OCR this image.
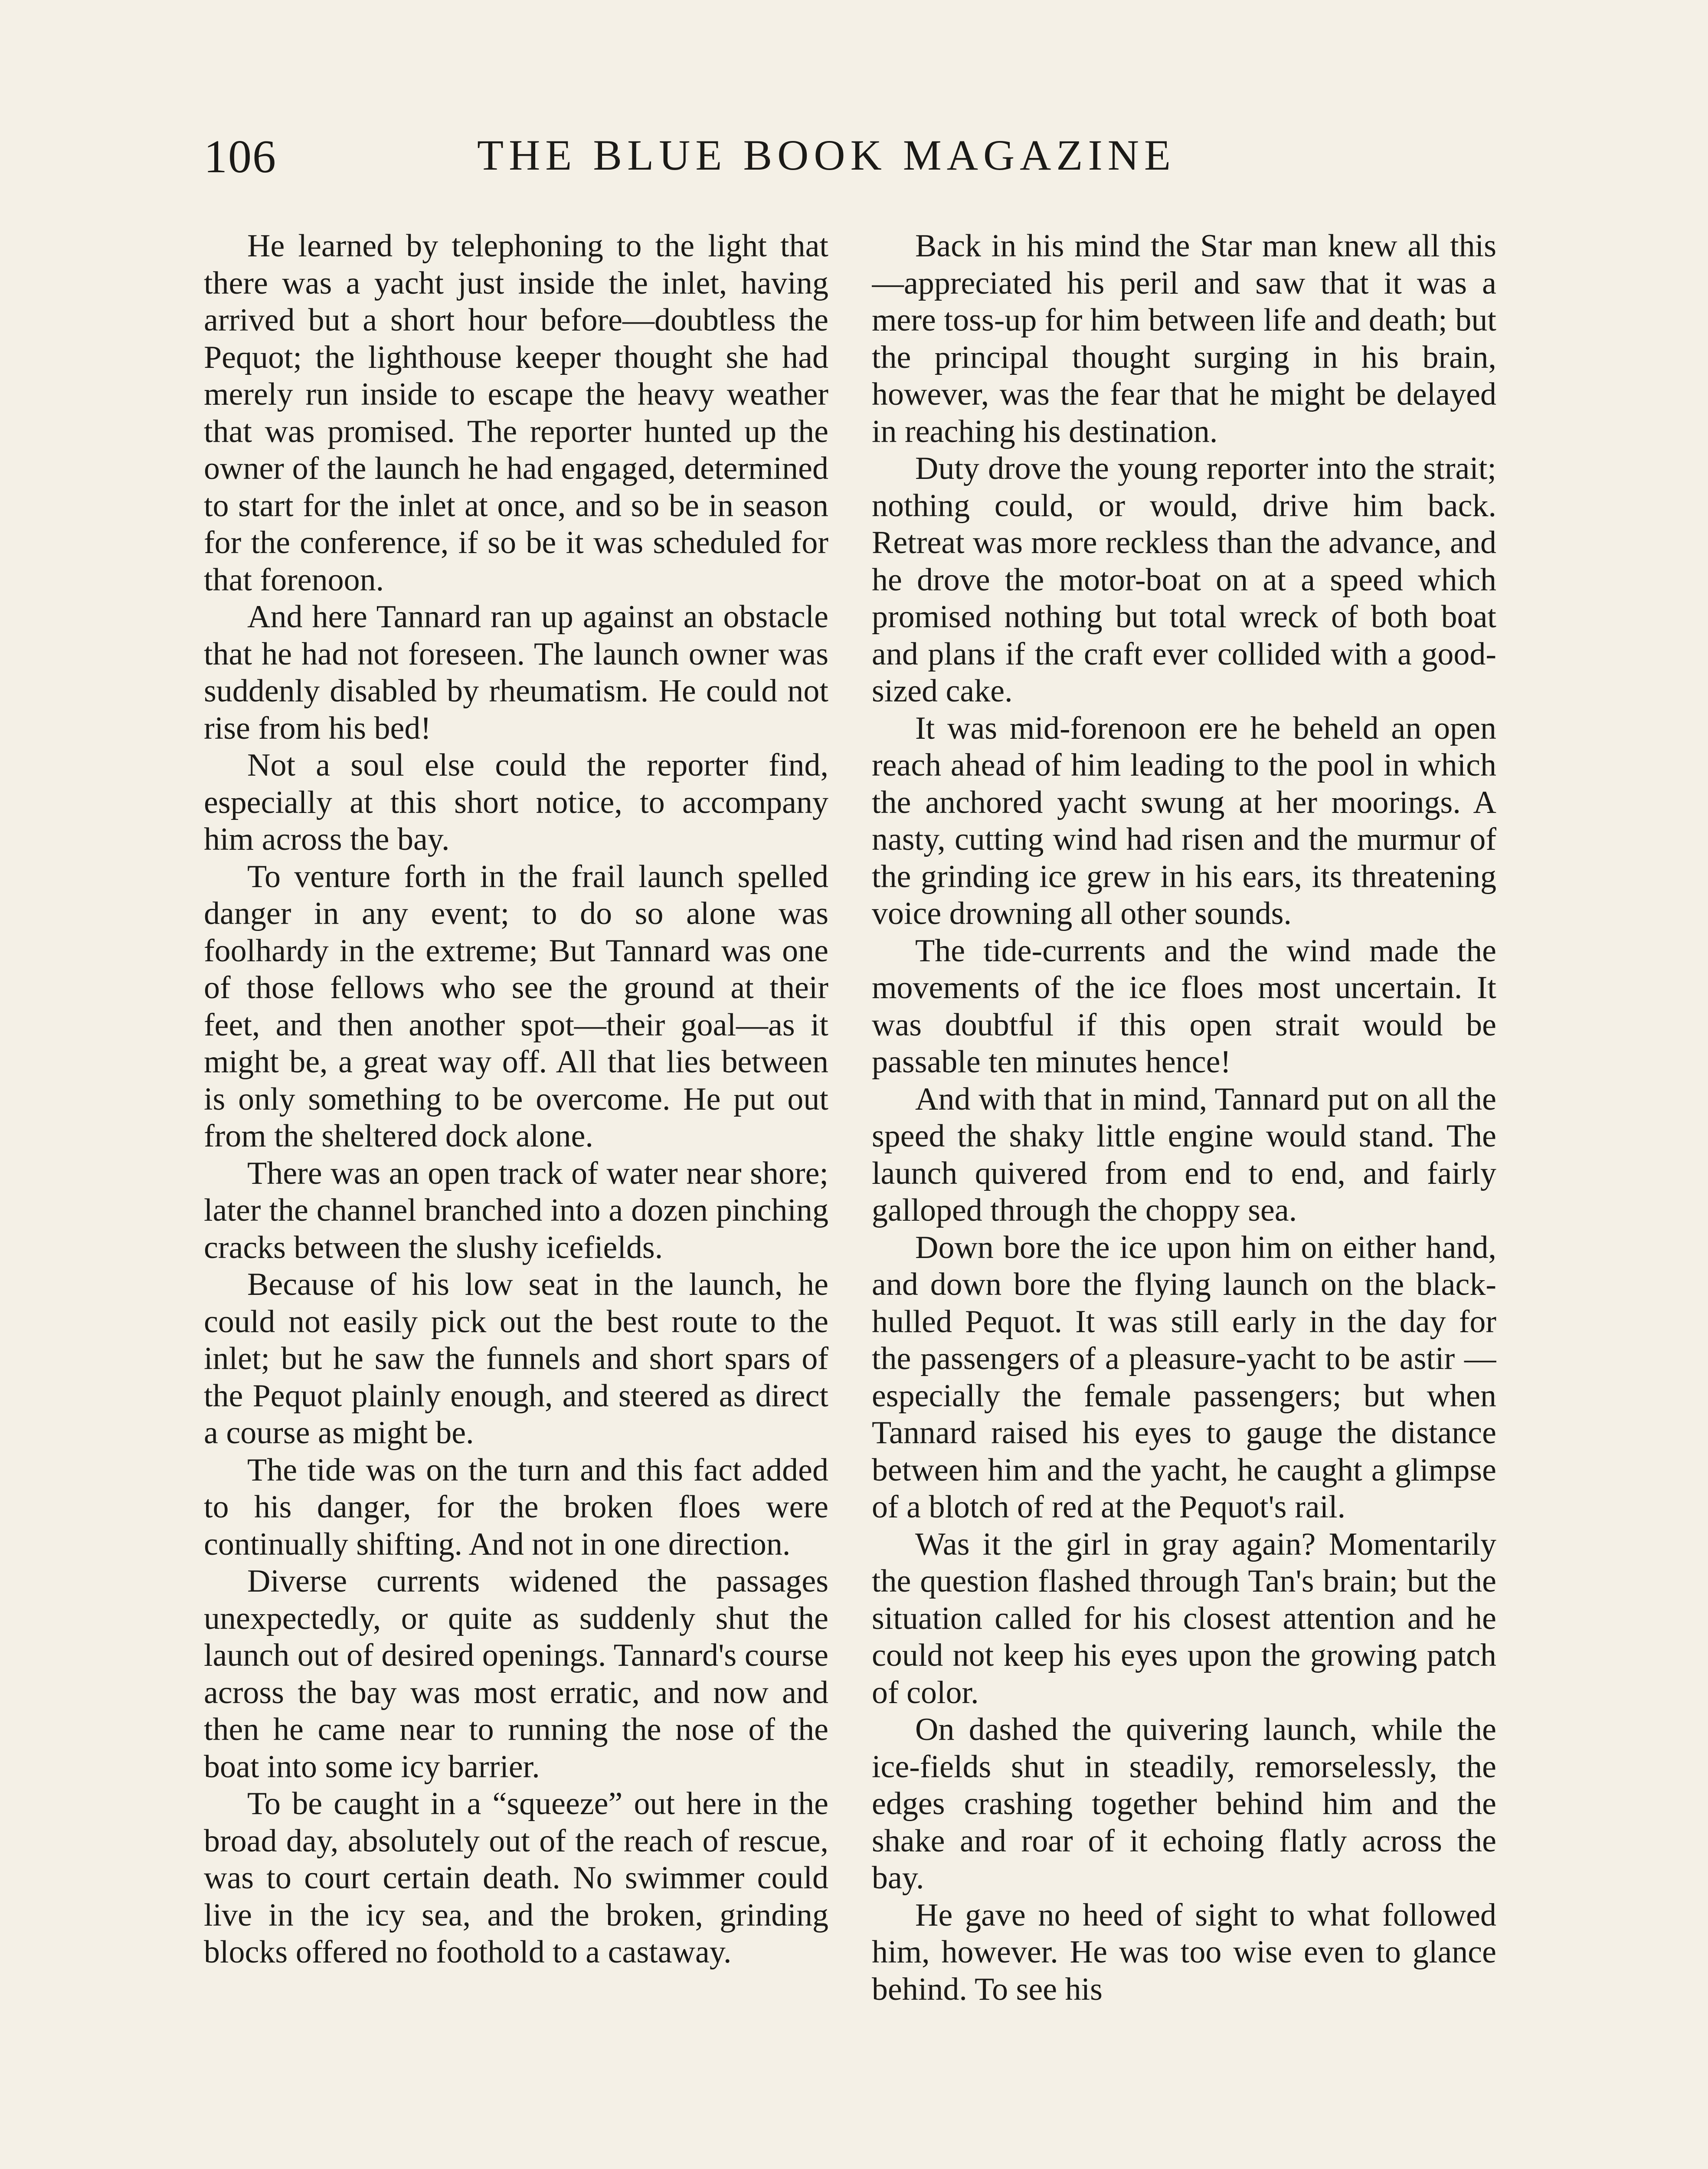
106	THE BLUE BOOK MAGAZINE

He learned by telephoning to the light that there was a yacht just inside the inlet, having arrived but a short hour before—doubtless the Pequot; the lighthouse keeper thought she had merely run inside to escape the heavy weather that was promised. The reporter hunted up the owner of the launch he had engaged, determined to start for the inlet at once, and so be in season for the conference, if so be it was scheduled for that forenoon.

And here Tannard ran up against an obstacle that he had not foreseen. The launch owner was suddenly disabled by rheumatism. He could not rise from his bed!

Not a soul else could the reporter find, especially at this short notice, to accompany him across the bay.

To venture forth in the frail launch spelled danger in any event; to do so alone was foolhardy in the extreme; But Tannard was one of those fellows who see the ground at their feet, and then another spot—their goal—as it might be, a great way off. All that lies between is only something to be overcome. He put out from the sheltered dock alone.

There was an open track of water near shore; later the channel branched into a dozen pinching cracks between the slushy icefields.

Because of his low seat in the launch, he could not easily pick out the best route to the inlet; but he saw the funnels and short spars of the Pequot plainly enough, and steered as direct a course as might be.

The tide was on the turn and this fact added to his danger, for the broken floes were continually shifting. And not in one direction.

Diverse currents widened the passages unexpectedly, or quite as suddenly shut the launch out of desired openings. Tannard's course across the bay was most erratic, and now and then he came near to running the nose of the boat into some icy barrier.

To be caught in a “squeeze” out here in the broad day, absolutely out of the reach of rescue, was to court certain death. No swimmer could live in the icy sea, and the broken, grinding blocks offered no foothold to a castaway.

Back in his mind the Star man knew all this—appreciated his peril and saw that it was a mere toss-up for him between life and death; but the principal thought surging in his brain, however, was the fear that he might be delayed in reaching his destination.

Duty drove the young reporter into the strait; nothing could, or would, drive him back. Retreat was more reckless than the advance, and he drove the motor-boat on at a speed which promised nothing but total wreck of both boat and plans if the craft ever collided with a good-sized cake.

It was mid-forenoon ere he beheld an open reach ahead of him leading to the pool in which the anchored yacht swung at her moorings. A nasty, cutting wind had risen and the murmur of the grinding ice grew in his ears, its threatening voice drowning all other sounds.

The tide-currents and the wind made the movements of the ice floes most uncertain. It was doubtful if this open strait would be passable ten minutes hence!

And with that in mind, Tannard put on all the speed the shaky little engine would stand. The launch quivered from end to end, and fairly galloped through the choppy sea.

Down bore the ice upon him on either hand, and down bore the flying launch on the black-hulled Pequot. It was still early in the day for the passengers of a pleasure-yacht to be astir —especially the female passengers; but when Tannard raised his eyes to gauge the distance between him and the yacht, he caught a glimpse of a blotch of red at the Pequot's rail.

Was it the girl in gray again? Momentarily the question flashed through Tan's brain; but the situation called for his closest attention and he could not keep his eyes upon the growing patch of color.

On dashed the quivering launch, while the ice-fields shut in steadily, remorselessly, the edges crashing together behind him and the shake and roar of it echoing flatly across the bay.

He gave no heed of sight to what followed him, however. He was too wise even to glance behind. To see his
